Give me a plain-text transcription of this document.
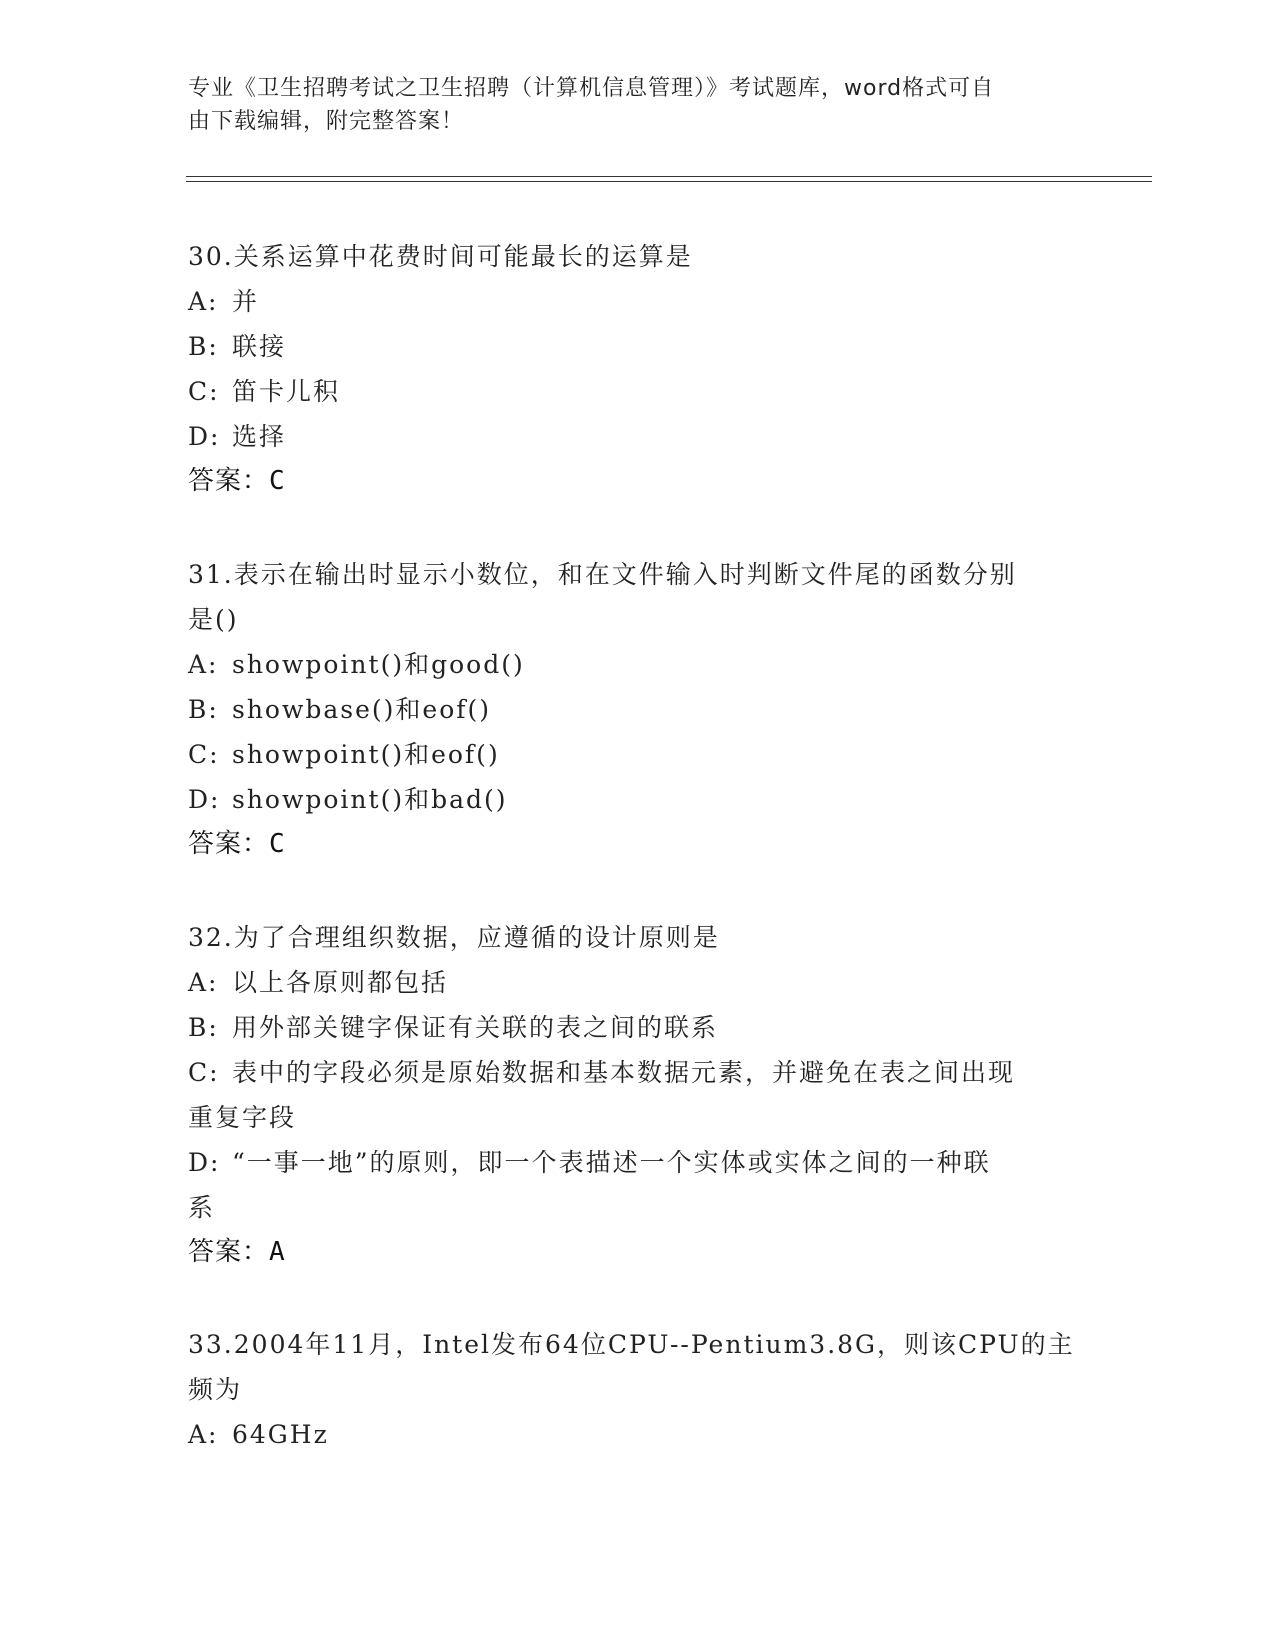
专业《卫生招聘考试之卫生招聘（计算机信息管理）》考试题库，word格式可自
由下载编辑，附完整答案！

30.关系运算中花费时间可能最长的运算是

A: 并

B: 联接

C: 笛卡儿积

D: 选择

答案：C

31.表示在输出时显示小数位，和在文件输入时判断文件尾的函数分别

是()

A: showpoint()和good()

B: showbase()和eof()

C: showpoint()和eof()

D: showpoint()和bad()

答案：C

32.为了合理组织数据，应遵循的设计原则是

A: 以上各原则都包括

B: 用外部关键字保证有关联的表之间的联系

C: 表中的字段必须是原始数据和基本数据元素，并避免在表之间出现

重复字段

D: “一事一地”的原则，即一个表描述一个实体或实体之间的一种联

系

答案：A

33.2004年11月，Intel发布64位CPU--Pentium3.8G，则该CPU的主

频为

A: 64GHz
